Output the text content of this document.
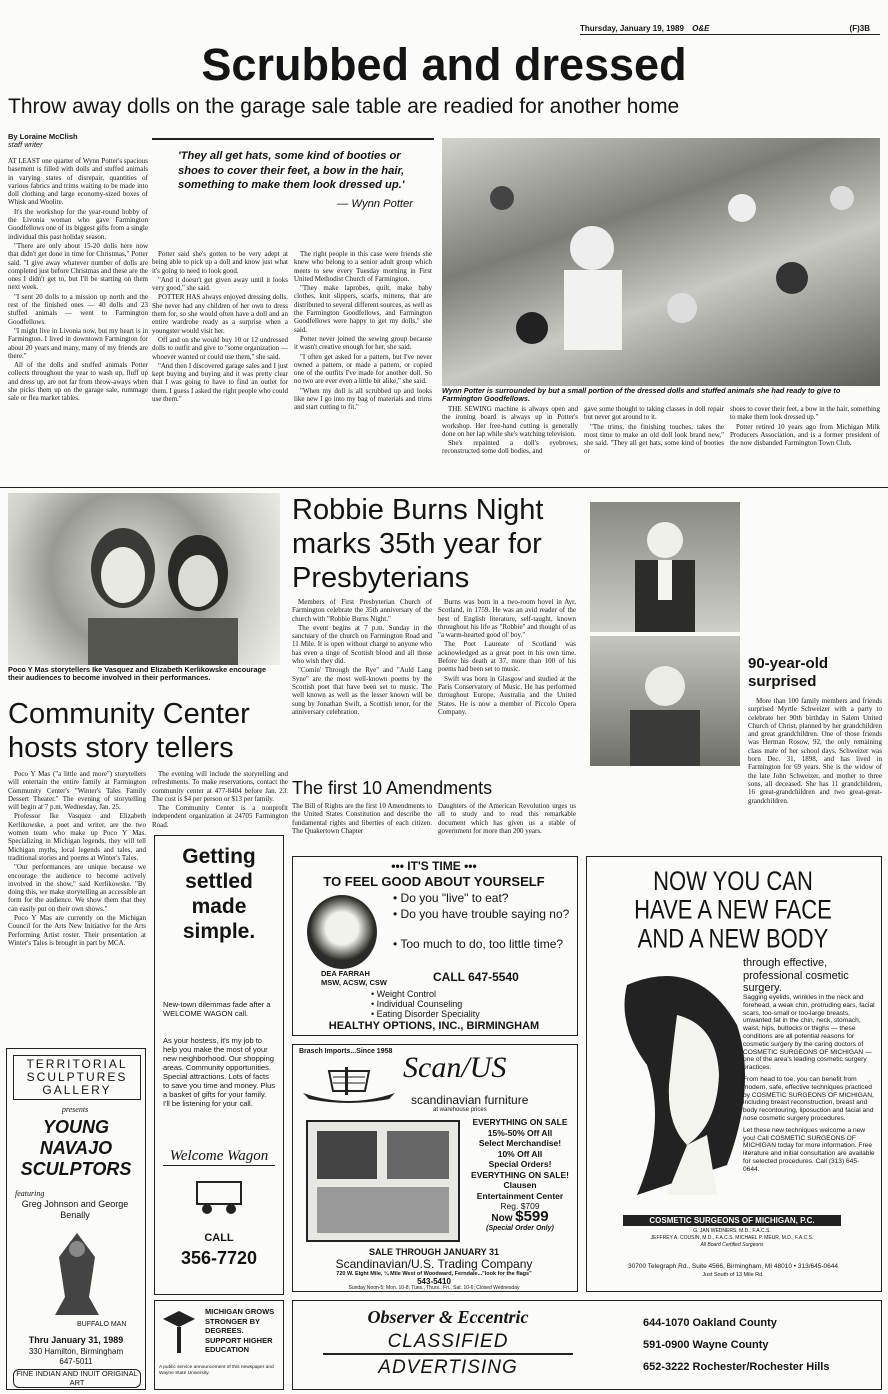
Thursday, January 19, 1989 O&E	(F)3B
Scrubbed and dressed
Throw away dolls on the garage sale table are readied for another home
By Loraine McClish
staff writer
'They all get hats, some kind of booties or shoes to cover their feet, a bow in the hair, something to make them look dressed up.'
— Wynn Potter

AT LEAST one quarter of Wynn Potter's spacious basement is filled with dolls and stuffed animals in varying states of disrepair, quantities of various fabrics and trims waiting to be made into doll clothing and large economy-sized boxes of Whisk and Woolite.

It's the workshop for the year-round hobby of the Livonia woman who gave Farmington Goodfellows one of its biggest gifts from a single individual this past holiday season.

"There are only about 15-20 dolls here now that didn't get done in time for Christmas," Potter said. "I give away whatever number of dolls are completed just before Christmas and these are the ones I didn't get to, but I'll be starting on them next week.

"I sent 20 dolls to a mission up north and the rest of the finished ones — 40 dolls and 23 stuffed animals — went to Farmington Goodfellows.

"I might live in Livonia now, but my heart is in Farmington. I lived in downtown Farmington for about 20 years and many, many of my friends are there."

All of the dolls and stuffed animals Potter collects throughout the year to wash up, fluff up and dress up, are not far from throw-aways when she picks them up on the garage sale, rummage sale or flea market tables.

Potter said she's gotten to be very adept at being able to pick up a doll and know just what it's going to need to look good.

"And it doesn't get given away until it looks very good," she said.

POTTER HAS always enjoyed dressing dolls. She never had any children of her own to dress them for, so she would often have a doll and an entire wardrobe ready as a surprise when a youngster would visit her.

Off and on she would buy 10 or 12 undressed dolls to outfit and give to "some organization — whoever wanted or could use them," she said.

"And then I discovered garage sales and I just kept buying and buying and it was pretty clear that I was going to have to find an outlet for them. I guess I asked the right people who could use them."

The right people in this case were friends she knew who belong to a senior adult group which meets to sew every Tuesday morning in First United Methodist Church of Farmington.

"They make laprobes, quilt, make baby clothes, knit slippers, scarfs, mittens, that are distributed to several different sources, as well as the Farmington Goodfellows, and Farmington Goodfellows were happy to get my dolls," she said.

Potter never joined the sewing group because it wasn't creative enough for her, she said.

"I often get asked for a pattern, but I've never owned a pattern, or made a pattern, or copied one of the outfits I've made for another doll. So no two are ever even a little bit alike," she said.

"When my doll is all scrubbed up and looks like new I go into my bag of materials and trims and start cutting to fit."

Wynn Potter is surrounded by but a small portion of the dressed dolls and stuffed animals she had ready to give to Farmington Goodfellows.

THE SEWING machine is always open and the ironing board is always up in Potter's workshop. Her free-hand cutting is generally done on her lap while she's watching television.

She's repainted a doll's eyebrows, reconstructed some doll bodies, and

gave some thought to taking classes in doll repair but never got around to it.

"The trims, the finishing touches, takes the most time to make an old doll look brand new," she said. "They all get hats, some kind of booties or

shoes to cover their feet, a bow in the hair, something to make them look dressed up."

Potter retired 10 years ago from Michigan Milk Producers Association, and is a former president of the now disbanded Farmington Town Club.

Poco Y Mas storytellers Ike Vasquez and Elizabeth Kerlikowske encourage their audiences to become involved in their performances.
Community Center hosts story tellers

Poco Y Mas ("a little and more") storytellers will entertain the entire family at Farmington Community Center's "Winter's Tales Family Dessert Theater." The evening of storytelling will begin at 7 p.m. Wednesday, Jan. 25.

Professor Ike Vasquez and Elizabeth Kerlikowske, a poet and writer, are the two women team who make up Poco Y Mas. Specializing in Michigan legends, they will tell Michigan myths, local legends and tales, and traditional stories and poems at Winter's Tales.

"Our performances are unique because we encourage the audience to become actively involved in the show," said Kerlikowske. "By doing this, we make storytelling an accessible art form for the audience. We show them that they can easily put on their own shows."

Poco Y Mas are currently on the Michigan Council for the Arts New Initiative for the Arts Performing Artist roster. Their presentation at Winter's Tales is brought in part by MCA.

The evening will include the storytelling and refreshments. To make reservations, contact the community center at 477-8404 before Jan. 23. The cost is $4 per person or $13 per family.

The Community Center is a nonprofit independent organization at 24705 Farmington Road.

Robbie Burns Night marks 35th year for Presbyterians

Members of First Presbyterian Church of Farmington celebrate the 35th anniversary of the church with "Robbie Burns Night."

The event begins at 7 p.m. Sunday in the sanctuary of the church on Farmington Road and 11 Mile. It is open without charge to anyone who has even a tinge of Scottish blood and all those who wish they did.

"Comin' Through the Rye" and "Auld Lang Syne" are the most well-known poems by the Scottish poet that have been set to music. The well known as well as the lesser known will be sung by Jonathan Swift, a Scottish tenor, for the anniversary celebration.

Burns was born in a two-room hovel in Ayr, Scotland, in 1759. He was an avid reader of the best of English literature, self-taught, known throughout his life as "Robbie" and thought of as "a warm-hearted good ol' boy."

The Poet Laureate of Scotland was acknowledged as a great poet in his own time. Before his death at 37, more than 100 of his poems had been set to music.

Swift was born in Glasgow and studied at the Paris Conservatory of Music. He has performed throughout Europe, Australia and the United States. He is now a member of Piccolo Opera Company.

The first 10 Amendments
The Bill of Rights are the first 10 Amendments to the United States Constitution and describe the fundamental rights and liberties of each citizen. The Quakertown Chapter
Daughters of the American Revolution urges us all to study and to read this remarkable document which has given us a stable of government for more than 200 years.
90-year-old surprised
More than 100 family members and friends surprised Myrtle Schweizer with a party to celebrate her 90th birthday in Salem United Church of Christ, planned by her grandchildren and great grandchildren. One of those friends was Herman Rosow, 92, the only remaining class mate of her school days. Schweizer was born Dec. 31, 1898, and has lived in Farmington for 69 years. She is the widow of the late John Schweizer, and mother to three sons, all deceased. She has 11 grandchildren, 16 great-grandchildren and two great-great-grandchildren.
TERRITORIAL SCULPTURES GALLERY
presents
YOUNG NAVAJO SCULPTORS
featuring
Greg Johnson and George Benally
BUFFALO MAN
Thru January 31, 1989
330 Hamilton, Birmingham
647-5011
FINE INDIAN AND INUIT ORIGINAL ART
Getting settled made simple.
New-town dilemmas fade after a WELCOME WAGON call.
As your hostess, it's my job to help you make the most of your new neighborhood. Our shopping areas. Community opportunities. Special attractions. Lots of facts to save you time and money. Plus a basket of gifts for your family. I'll be listening for your call.
Welcome Wagon
CALL
356-7720
••• IT'S TIME •••
TO FEEL GOOD ABOUT YOURSELF
• Do you "live" to eat?
• Do you have trouble saying no?
• Too much to do, too little time?
CALL 647-5540
DEA FARRAH
MSW, ACSW, CSW
• Weight Control
• Individual Counseling
• Eating Disorder Speciality
HEALTHY OPTIONS, INC., BIRMINGHAM
Brasch Imports...Since 1958 Scan/US
scandinavian furniture
at warehouse prices
EVERYTHING ON SALE
15%-50% Off All
Select Merchandise!
10% Off All
Special Orders!
EVERYTHING ON SALE!
Clausen
Entertainment Center
Reg. $709
Now $599
(Special Order Only)
SALE THROUGH JANUARY 31
Scandinavian/U.S. Trading Company
720 W. Eight Mile, ¼ Mile West of Woodward, Ferndale..."look for the flags"
543-5410
Sunday Noon-5; Mon. 10-8; Tues., Thurs., Fri., Sat. 10-6; Closed Wednesday
NOW YOU CAN
HAVE A NEW FACE
AND A NEW BODY
through effective, professional cosmetic surgery.
Sagging eyelids, wrinkles in the neck and forehead, a weak chin, protruding ears, facial scars, too-small or too-large breasts, unwanted fat in the chin, neck, stomach, waist, hips, buttocks or thighs — these conditions are all potential reasons for cosmetic surgery by the caring doctors of COSMETIC SURGEONS OF MICHIGAN — one of the area's leading cosmetic surgery practices.
From head to toe, you can benefit from modern, safe, effective techniques practiced by COSMETIC SURGEONS OF MICHIGAN, including breast reconstruction, breast and body recontouring, liposuction and facial and nose cosmetic surgery procedures.
Let these new techniques welcome a new you! Call COSMETIC SURGEONS OF MICHIGAN today for more information. Free literature and initial consultation are available for selected procedures. Call (313) 645-0644.
COSMETIC SURGEONS OF MICHIGAN, P.C.
G. JAN WEDNERS, M.D., F.A.C.S.
JEFFREY A. COUSIN, M.D., F.A.C.S. MICHAEL P. MEUR, M.D., F.A.C.S.
All Board Certified Surgeons
30700 Telegraph Rd., Suite 4566, Birmingham, MI 48010 • 313/645-0644
Just South of 13 Mile Rd.
MICHIGAN GROWS STRONGER BY DEGREES. SUPPORT HIGHER EDUCATION
A public service announcement of this newspaper and Wayne State University.
Observer & Eccentric
CLASSIFIED
ADVERTISING
644-1070 Oakland County
591-0900 Wayne County
652-3222 Rochester/Rochester Hills
